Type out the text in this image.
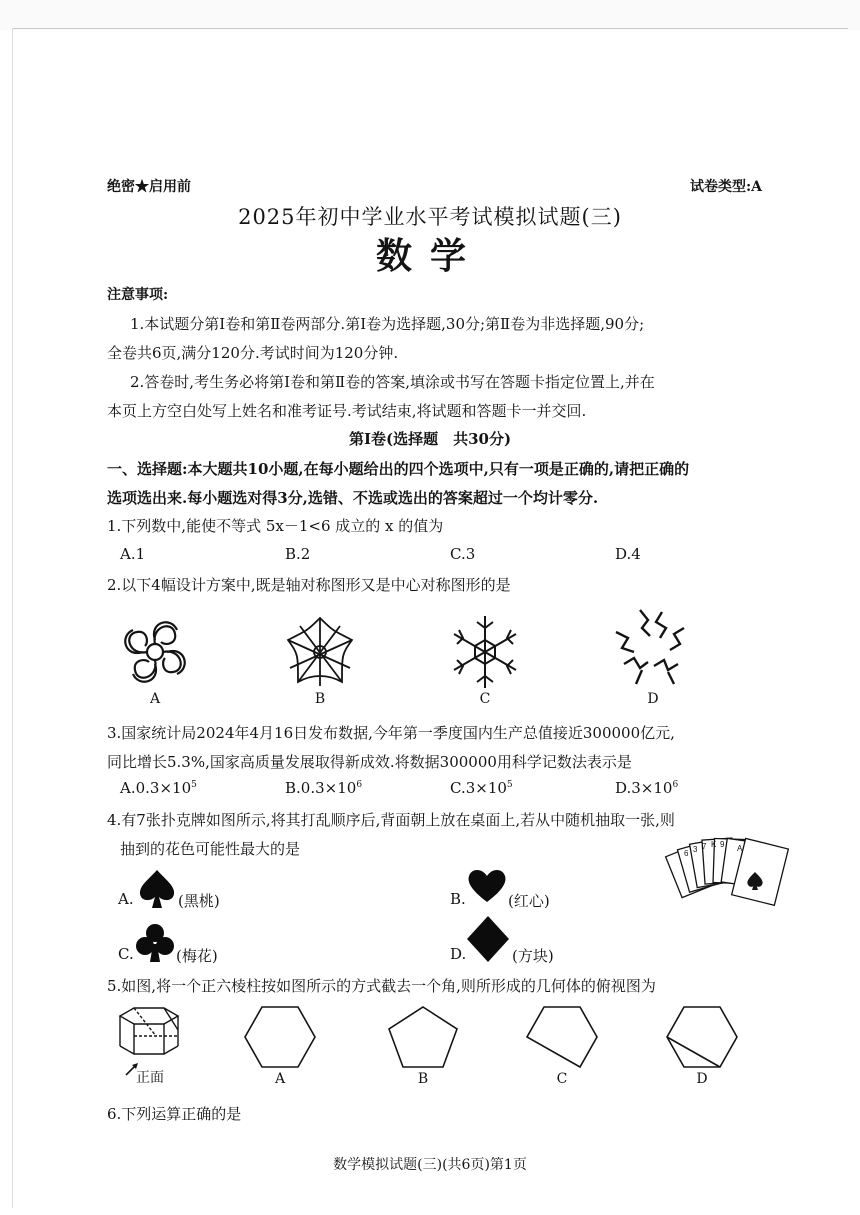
绝密★启用前	试卷类型:A
2025年初中学业水平考试模拟试题(三)
数学
注意事项:
1.本试题分第Ⅰ卷和第Ⅱ卷两部分.第Ⅰ卷为选择题,30分;第Ⅱ卷为非选择题,90分;
全卷共6页,满分120分.考试时间为120分钟.
2.答卷时,考生务必将第Ⅰ卷和第Ⅱ卷的答案,填涂或书写在答题卡指定位置上,并在
本页上方空白处写上姓名和准考证号.考试结束,将试题和答题卡一并交回.
第Ⅰ卷(选择题　共30分)
一、选择题:本大题共10小题,在每小题给出的四个选项中,只有一项是正确的,请把正确的
选项选出来.每小题选对得3分,选错、不选或选出的答案超过一个均计零分.
1.下列数中,能使不等式 5x－1<6 成立的 x 的值为
A.1	B.2	C.3	D.4
2.以下4幅设计方案中,既是轴对称图形又是中心对称图形的是
A	B	C	D
3.国家统计局2024年4月16日发布数据,今年第一季度国内生产总值接近300000亿元,
同比增长5.3%,国家高质量发展取得新成效.将数据300000用科学记数法表示是
$A.0.3\times 10^5$	$B.0.3\times 10^6$	$C.3\times 10^5$	$D.3\times 10^6$
4.有7张扑克牌如图所示,将其打乱顺序后,背面朝上放在桌面上,若从中随机抽取一张,则
抽到的花色可能性最大的是	6 3 7 K 9 A
A.	(黑桃)	B.	(红心)
C.	(梅花)	D.	(方块)
5.如图,将一个正六棱柱按如图所示的方式截去一个角,则所形成的几何体的俯视图为
正面	A	B	C	D
6.下列运算正确的是
数学模拟试题(三)(共6页)第1页
